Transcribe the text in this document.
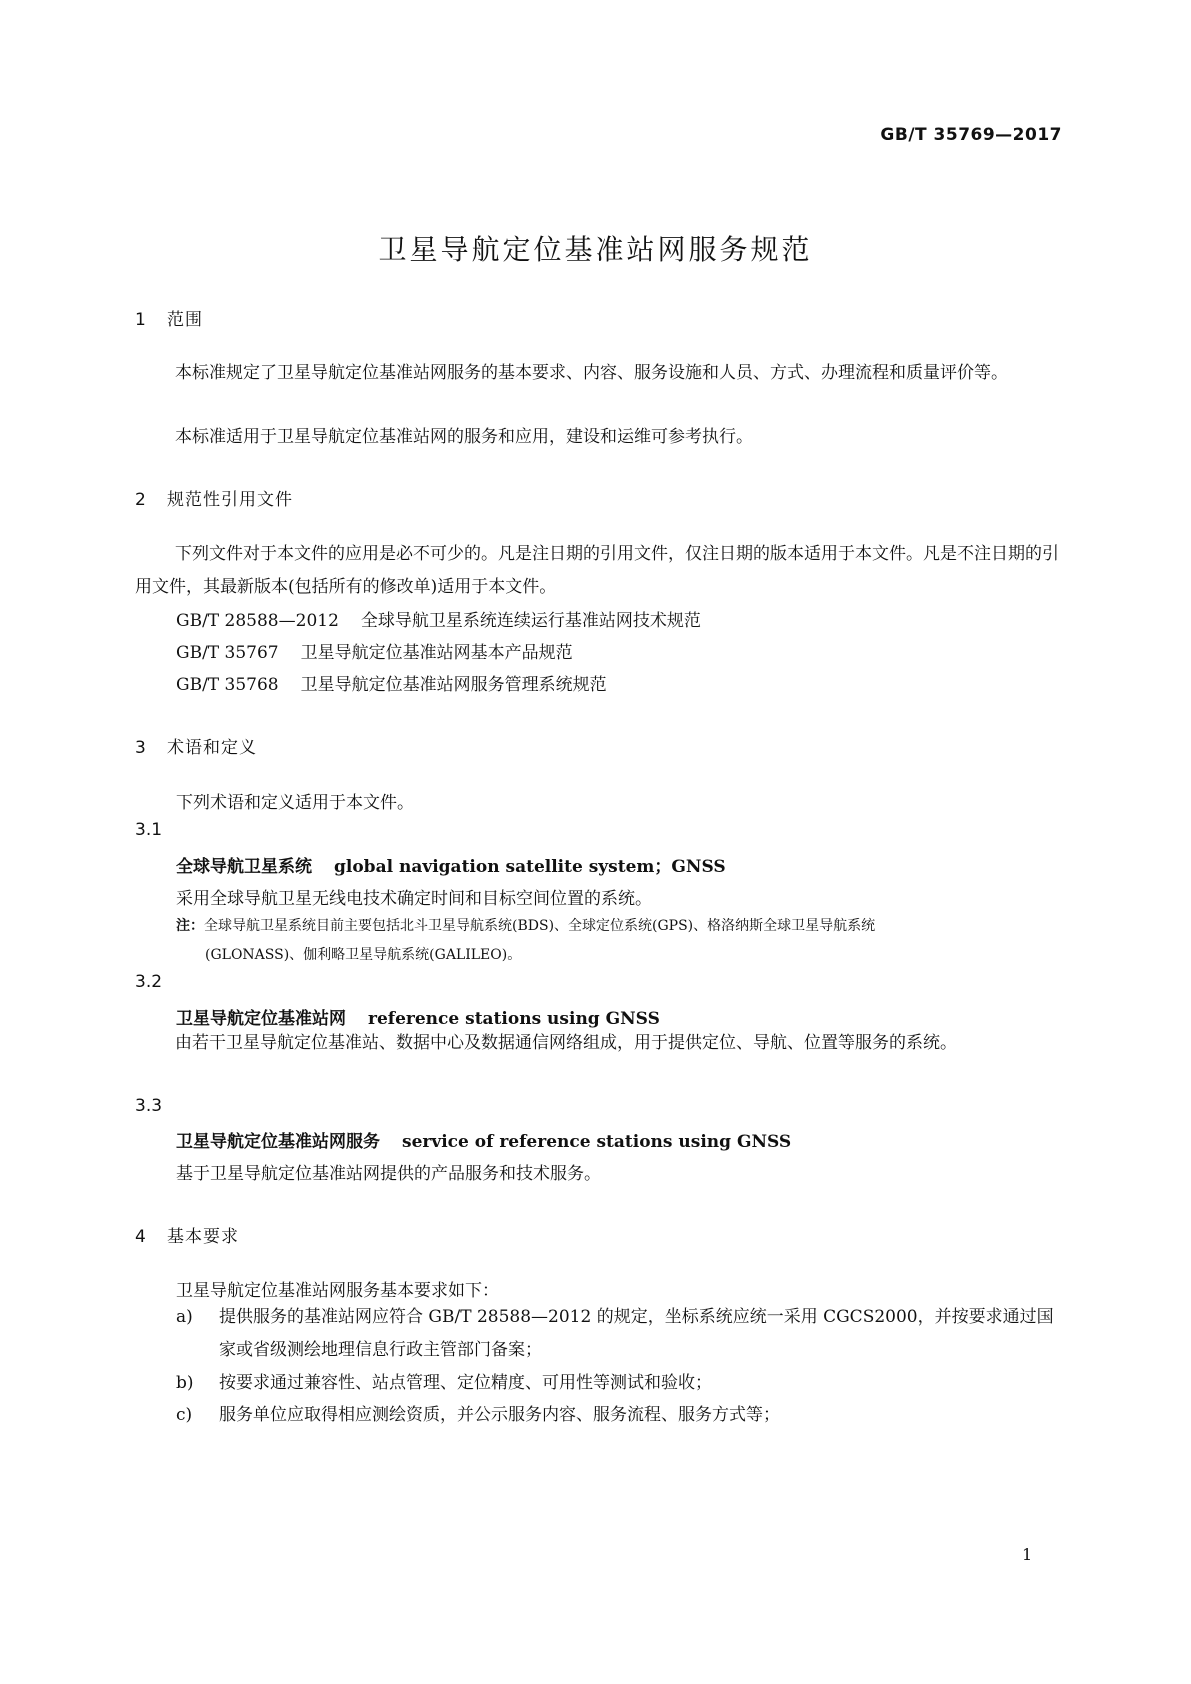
GB/T 35769—2017
卫星导航定位基准站网服务规范
1 范围
本标准规定了卫星导航定位基准站网服务的基本要求、内容、服务设施和人员、方式、办理流程和质量评价等。
本标准适用于卫星导航定位基准站网的服务和应用，建设和运维可参考执行。
2 规范性引用文件
下列文件对于本文件的应用是必不可少的。凡是注日期的引用文件，仅注日期的版本适用于本文件。凡是不注日期的引用文件，其最新版本(包括所有的修改单)适用于本文件。
GB/T 28588—2012 全球导航卫星系统连续运行基准站网技术规范
GB/T 35767 卫星导航定位基准站网基本产品规范
GB/T 35768 卫星导航定位基准站网服务管理系统规范
3 术语和定义
下列术语和定义适用于本文件。
3.1
全球导航卫星系统 global navigation satellite system；GNSS
采用全球导航卫星无线电技术确定时间和目标空间位置的系统。
注：全球导航卫星系统目前主要包括北斗卫星导航系统(BDS)、全球定位系统(GPS)、格洛纳斯全球卫星导航系统
(GLONASS)、伽利略卫星导航系统(GALILEO)。
3.2
卫星导航定位基准站网 reference stations using GNSS
由若干卫星导航定位基准站、数据中心及数据通信网络组成，用于提供定位、导航、位置等服务的系统。
3.3
卫星导航定位基准站网服务 service of reference stations using GNSS
基于卫星导航定位基准站网提供的产品服务和技术服务。
4 基本要求
卫星导航定位基准站网服务基本要求如下：
a)	提供服务的基准站网应符合 GB/T 28588—2012 的规定，坐标系统应统一采用 CGCS2000，并按要求通过国家或省级测绘地理信息行政主管部门备案；
b)	按要求通过兼容性、站点管理、定位精度、可用性等测试和验收；
c)	服务单位应取得相应测绘资质，并公示服务内容、服务流程、服务方式等；
1
